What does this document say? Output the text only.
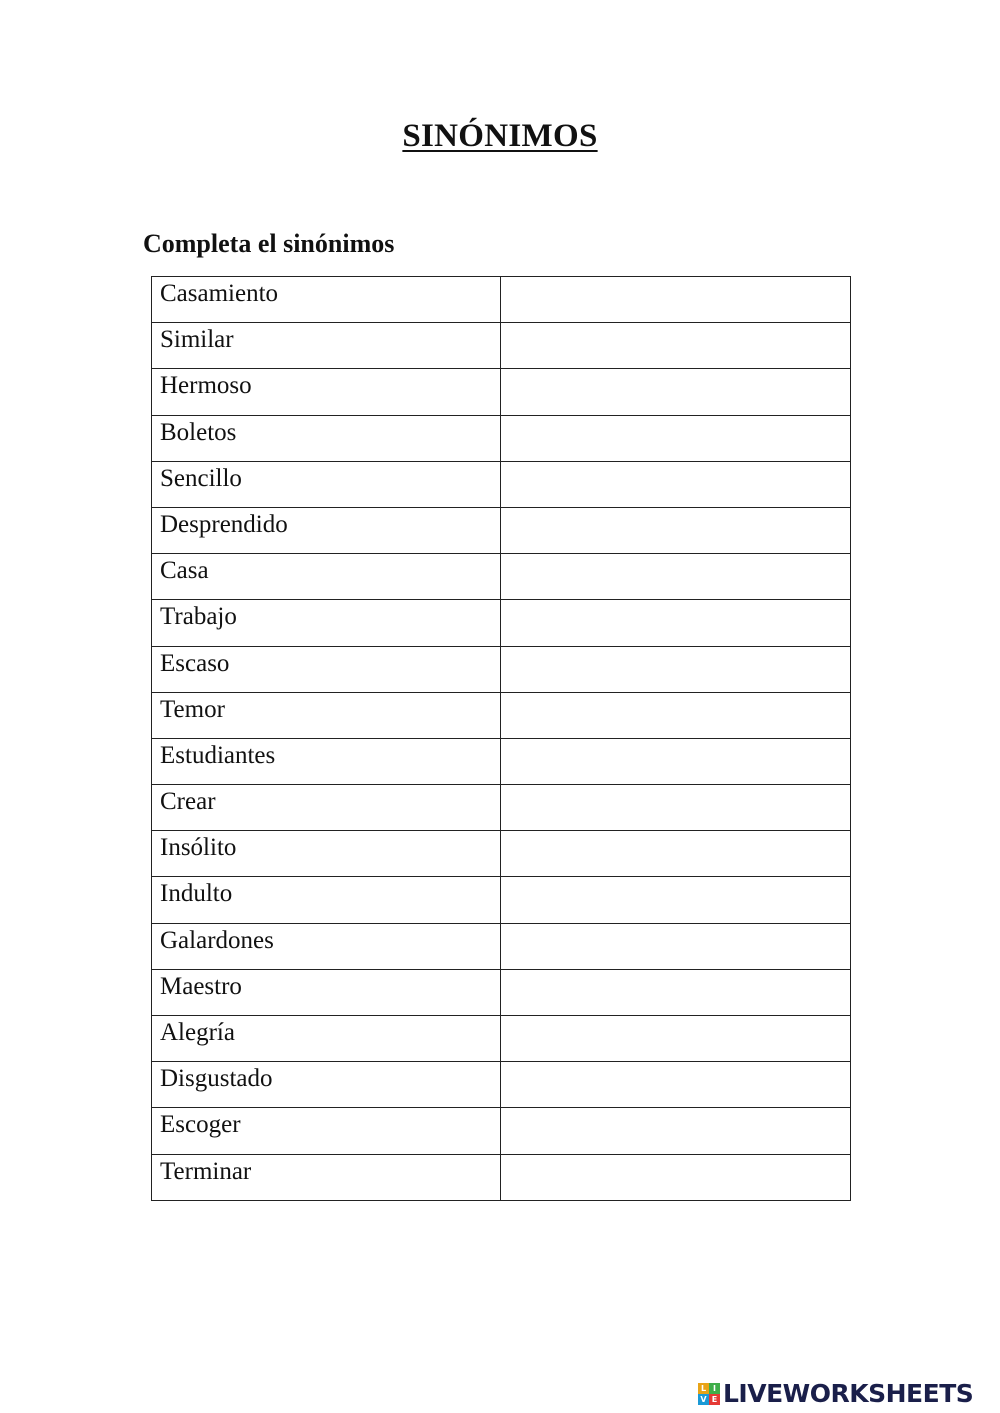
SINÓNIMOS
Completa el sinónimos
Casamiento	

Similar	

Hermoso	

Boletos	

Sencillo	

Desprendido	

Casa	

Trabajo	

Escaso	

Temor	

Estudiantes	

Crear	

Insólito	

Indulto	

Galardones	

Maestro	

Alegría	

Disgustado	

Escoger	

Terminar	
L I
V E LIVEWORKSHEETS
